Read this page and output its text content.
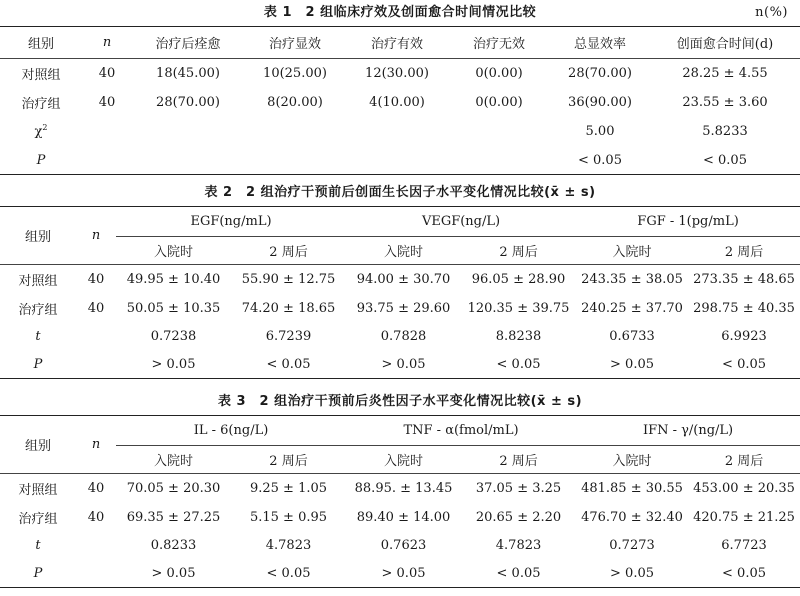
表 1　2 组临床疗效及创面愈合时间情况比较	n(%)
组别	n	治疗后痊愈	治疗显效	治疗有效	治疗无效	总显效率	创面愈合时间(d)
对照组	40	18(45.00)	10(25.00)	12(30.00)	0(0.00)	28(70.00)	28.25 ± 4.55
治疗组	40	28(70.00)	8(20.00)	4(10.00)	0(0.00)	36(90.00)	23.55 ± 3.60
$\chi^2$						5.00	5.8233
P						< 0.05	< 0.05
表 2　2 组治疗干预前后创面生长因子水平变化情况比较(x̄ ± s)
组别	n	EGF(ng/mL)		VEGF(ng/L)		FGF - 1(pg/mL)	
		入院时	2 周后	入院时	2 周后	入院时	2 周后
对照组	40	49.95 ± 10.40	55.90 ± 12.75	94.00 ± 30.70	96.05 ± 28.90	243.35 ± 38.05	273.35 ± 48.65
治疗组	40	50.05 ± 10.35	74.20 ± 18.65	93.75 ± 29.60	120.35 ± 39.75	240.25 ± 37.70	298.75 ± 40.35
t		0.7238	6.7239	0.7828	8.8238	0.6733	6.9923
P		> 0.05	< 0.05	> 0.05	< 0.05	> 0.05	< 0.05
表 3　2 组治疗干预前后炎性因子水平变化情况比较(x̄ ± s)
组别	n	IL - 6(ng/L)		TNF - α(fmol/mL)		IFN - γ/(ng/L)	
		入院时	2 周后	入院时	2 周后	入院时	2 周后
对照组	40	70.05 ± 20.30	9.25 ± 1.05	88.95. ± 13.45	37.05 ± 3.25	481.85 ± 30.55	453.00 ± 20.35
治疗组	40	69.35 ± 27.25	5.15 ± 0.95	89.40 ± 14.00	20.65 ± 2.20	476.70 ± 32.40	420.75 ± 21.25
t		0.8233	4.7823	0.7623	4.7823	0.7273	6.7723
P		> 0.05	< 0.05	> 0.05	< 0.05	> 0.05	< 0.05
